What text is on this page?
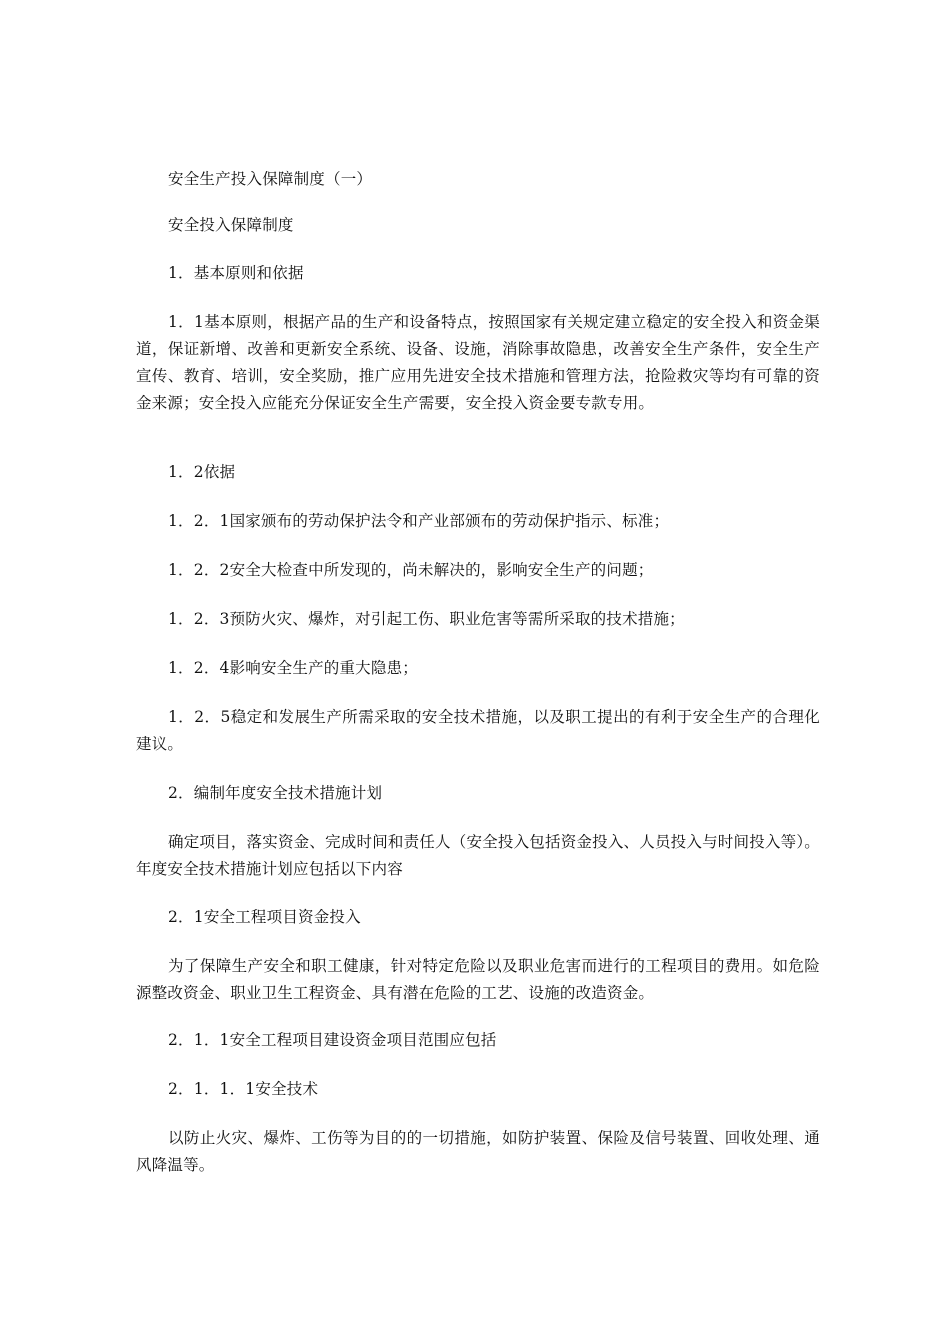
安全生产投入保障制度（一）

安全投入保障制度

1．基本原则和依据

1．1基本原则，根据产品的生产和设备特点，按照国家有关规定建立稳定的安全投入和资金渠道，保证新增、改善和更新安全系统、设备、设施，消除事故隐患，改善安全生产条件，安全生产宣传、教育、培训，安全奖励，推广应用先进安全技术措施和管理方法，抢险救灾等均有可靠的资金来源；安全投入应能充分保证安全生产需要，安全投入资金要专款专用。

1．2依据

1．2．1国家颁布的劳动保护法令和产业部颁布的劳动保护指示、标准；

1．2．2安全大检查中所发现的，尚未解决的，影响安全生产的问题；

1．2．3预防火灾、爆炸，对引起工伤、职业危害等需所采取的技术措施；

1．2．4影响安全生产的重大隐患；

1．2．5稳定和发展生产所需采取的安全技术措施，以及职工提出的有利于安全生产的合理化建议。

2．编制年度安全技术措施计划

确定项目，落实资金、完成时间和责任人（安全投入包括资金投入、人员投入与时间投入等）。年度安全技术措施计划应包括以下内容

2．1安全工程项目资金投入

为了保障生产安全和职工健康，针对特定危险以及职业危害而进行的工程项目的费用。如危险源整改资金、职业卫生工程资金、具有潜在危险的工艺、设施的改造资金。

2．1．1安全工程项目建设资金项目范围应包括

2．1．1．1安全技术

以防止火灾、爆炸、工伤等为目的的一切措施，如防护装置、保险及信号装置、回收处理、通风降温等。
